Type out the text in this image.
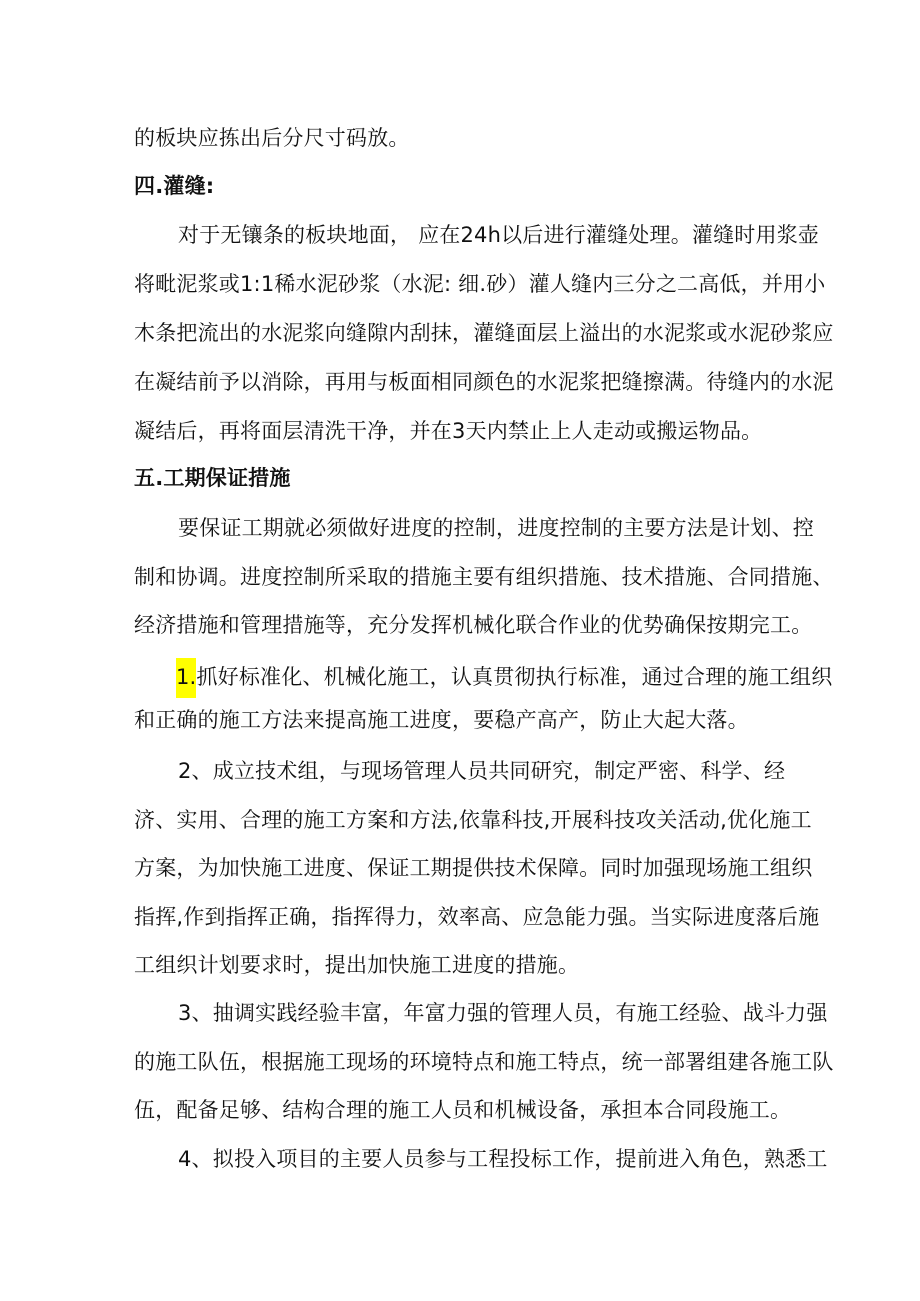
的板块应拣出后分尺寸码放。
四.灌缝:
对于无镶条的板块地面， 应在24h以后进行灌缝处理。灌缝时用浆壶
将毗泥浆或1:1稀水泥砂浆（水泥: 细.砂）灌人缝内三分之二高低，并用小
木条把流出的水泥浆向缝隙内刮抹，灌缝面层上溢出的水泥浆或水泥砂浆应
在凝结前予以消除，再用与板面相同颜色的水泥浆把缝擦满。待缝内的水泥
凝结后，再将面层清洗干净，并在3天内禁止上人走动或搬运物品。
五.工期保证措施
要保证工期就必须做好进度的控制，进度控制的主要方法是计划、控
制和协调。进度控制所采取的措施主要有组织措施、技术措施、合同措施、
经济措施和管理措施等，充分发挥机械化联合作业的优势确保按期完工。
1.抓好标准化、机械化施工，认真贯彻执行标准，通过合理的施工组织
和正确的施工方法来提高施工进度，要稳产高产，防止大起大落。
2、成立技术组，与现场管理人员共同研究，制定严密、科学、经
济、实用、合理的施工方案和方法,依靠科技,开展科技攻关活动,优化施工
方案，为加快施工进度、保证工期提供技术保障。同时加强现场施工组织
指挥,作到指挥正确，指挥得力，效率高、应急能力强。当实际进度落后施
工组织计划要求时，提出加快施工进度的措施。
3、抽调实践经验丰富，年富力强的管理人员，有施工经验、战斗力强
的施工队伍，根据施工现场的环境特点和施工特点，统一部署组建各施工队
伍，配备足够、结构合理的施工人员和机械设备，承担本合同段施工。
4、拟投入项目的主要人员参与工程投标工作，提前进入角色，熟悉工
